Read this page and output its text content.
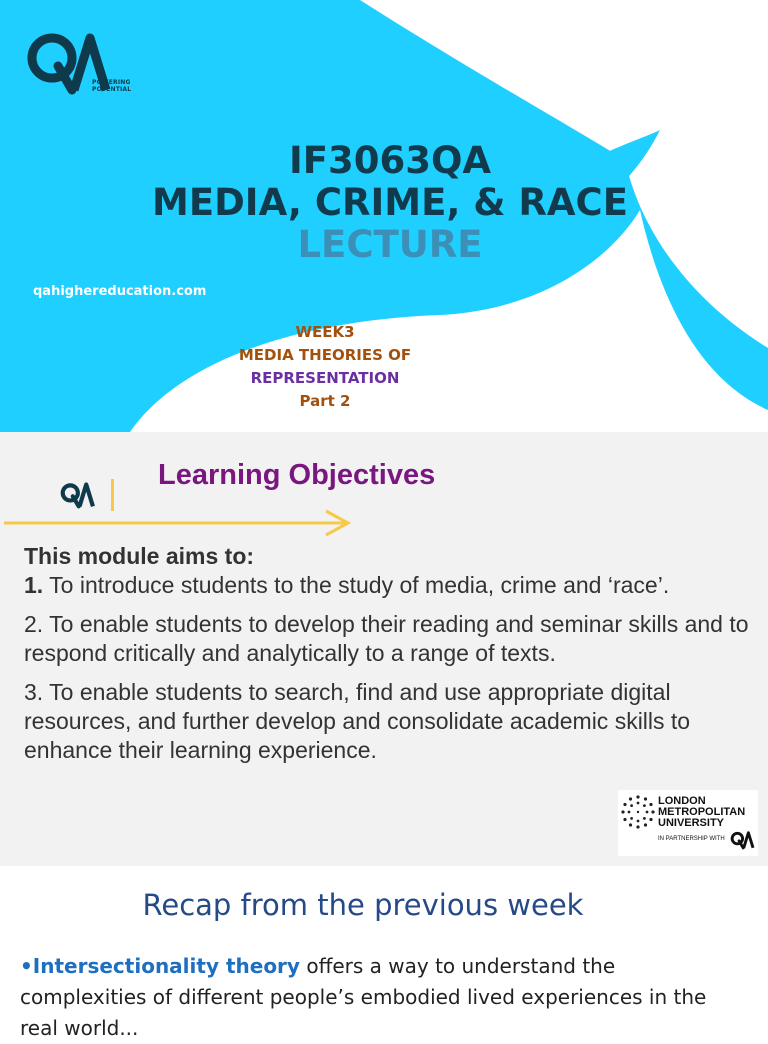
POWERING
POTENTIAL
IF3063QA
MEDIA, CRIME, & RACE
LECTURE
qahighereducation.com
WEEK3
MEDIA THEORIES OF
REPRESENTATION
Part 2
Learning Objectives

This module aims to:

1. To introduce students to the study of media, crime and ‘race’.

2. To enable students to develop their reading and seminar skills and to respond critically and analytically to a range of texts.

3. To enable students to search, find and use appropriate digital resources, and further develop and consolidate academic skills to enhance their learning experience.

LONDON
METROPOLITAN
UNIVERSITY
IN PARTNERSHIP WITH
Recap from the previous week
•Intersectionality theory offers a way to understand the complexities of different people’s embodied lived experiences in the real world...
